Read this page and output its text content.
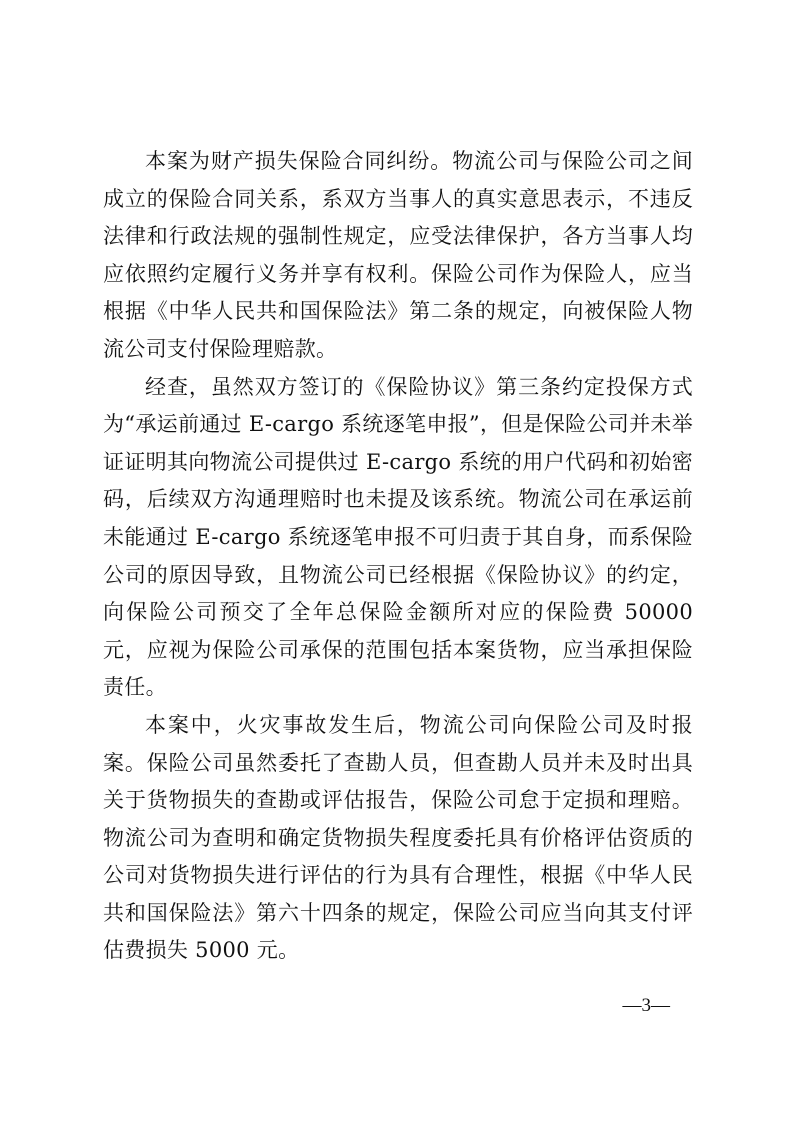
本案为财产损失保险合同纠纷。物流公司与保险公司之间成立的保险合同关系，系双方当事人的真实意思表示，不违反法律和行政法规的强制性规定，应受法律保护，各方当事人均应依照约定履行义务并享有权利。保险公司作为保险人，应当根据《中华人民共和国保险法》第二条的规定，向被保险人物流公司支付保险理赔款。

经查，虽然双方签订的《保险协议》第三条约定投保方式为“承运前通过 E-cargo 系统逐笔申报”，但是保险公司并未举证证明其向物流公司提供过 E-cargo 系统的用户代码和初始密码，后续双方沟通理赔时也未提及该系统。物流公司在承运前未能通过 E-cargo 系统逐笔申报不可归责于其自身，而系保险公司的原因导致，且物流公司已经根据《保险协议》的约定，向保险公司预交了全年总保险金额所对应的保险费 50000 元，应视为保险公司承保的范围包括本案货物，应当承担保险责任。

本案中，火灾事故发生后，物流公司向保险公司及时报案。保险公司虽然委托了查勘人员，但查勘人员并未及时出具关于货物损失的查勘或评估报告，保险公司怠于定损和理赔。物流公司为查明和确定货物损失程度委托具有价格评估资质的公司对货物损失进行评估的行为具有合理性，根据《中华人民共和国保险法》第六十四条的规定，保险公司应当向其支付评估费损失 5000 元。

—3—
